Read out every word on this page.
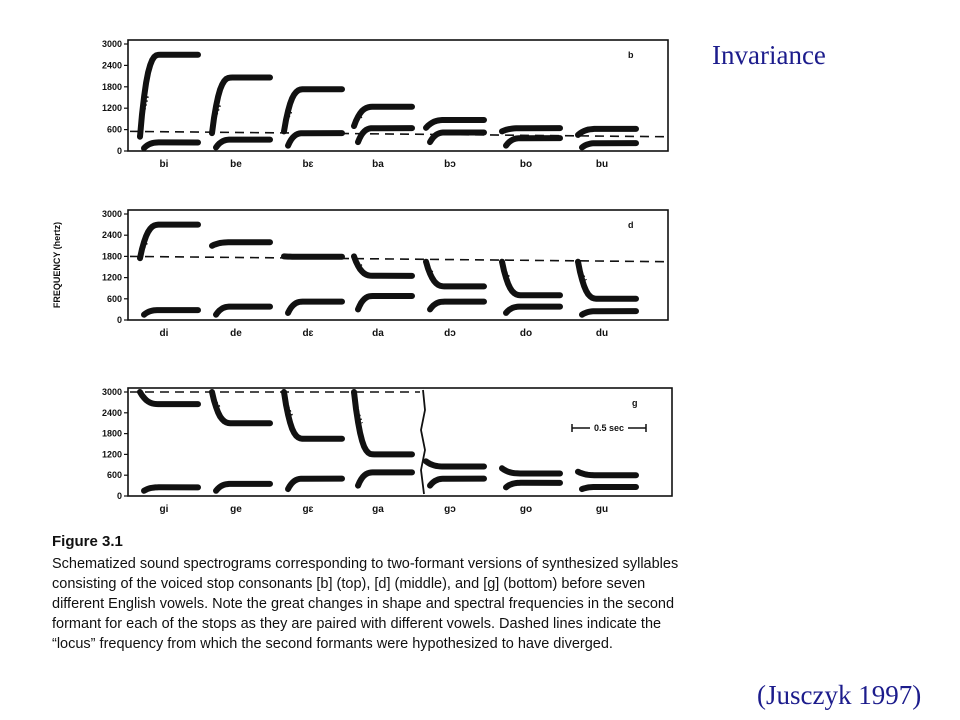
Invariance
0
600
1200
1800
2400
3000
b
bi	be	bɛ	ba	bɔ	bo	bu
0
600
1200
1800
2400
3000
d
di	de	dɛ	da	dɔ	do	du
0
600
1200
1800
2400
3000
g
gi	ge	gɛ	ga	gɔ	go	gu
FREQUENCY (hertz)
0.5 sec
Figure 3.1
Schematized sound spectrograms corresponding to two-formant versions of synthesized syllables consisting of the voiced stop consonants [b] (top), [d] (middle), and [g] (bottom) before seven different English vowels. Note the great changes in shape and spectral frequencies in the second formant for each of the stops as they are paired with different vowels. Dashed lines indicate the “locus” frequency from which the second formants were hypothesized to have diverged.
(Jusczyk 1997)
